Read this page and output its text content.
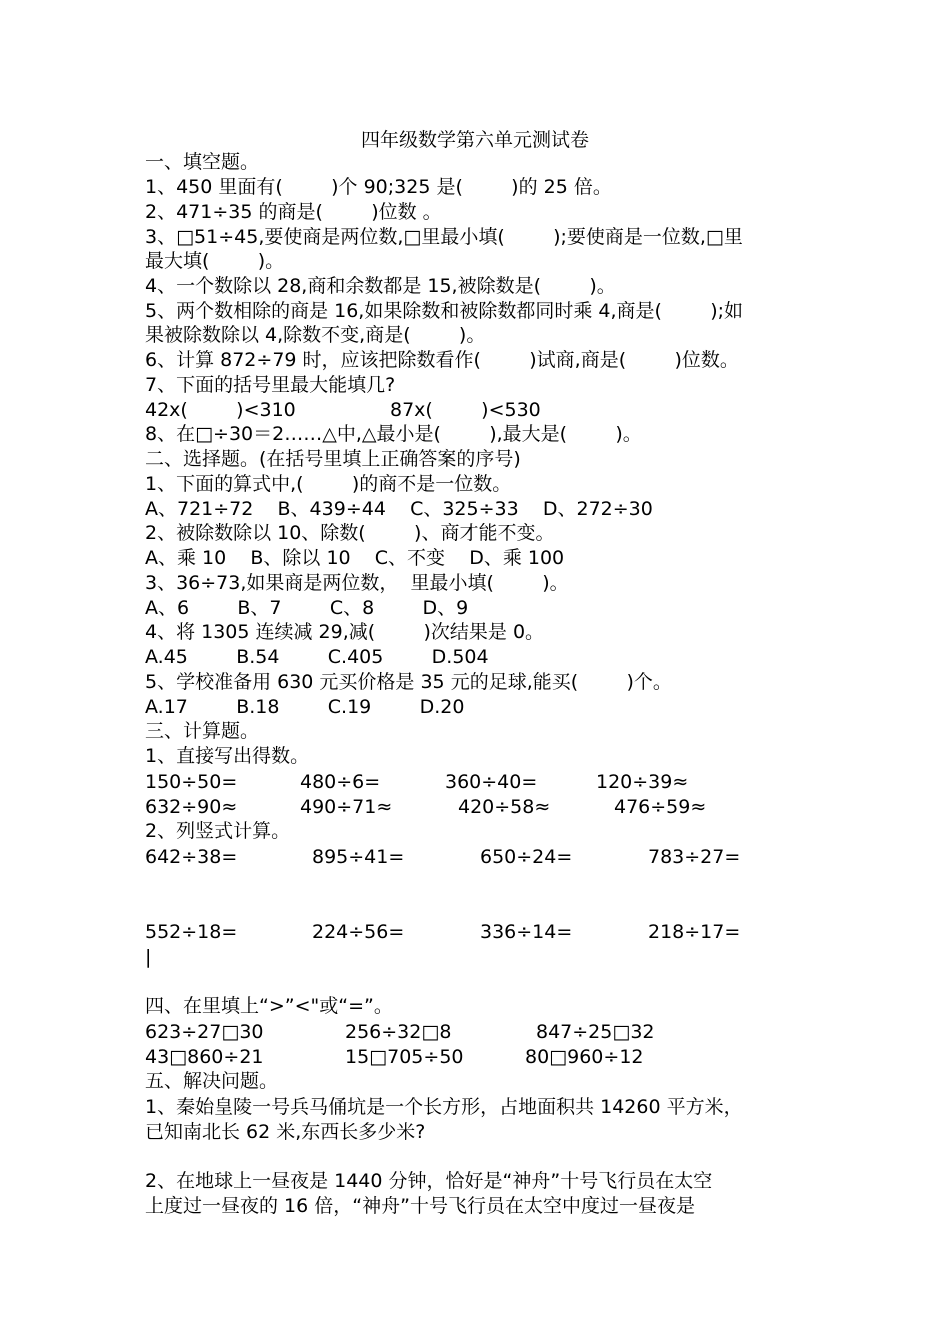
四年级数学第六单元测试卷
一、填空题。
1、450 里面有(        )个 90;325 是(        )的 25 倍。
2、471÷35 的商是(        )位数 。
3、□51÷45,要使商是两位数,□里最小填(        );要使商是一位数,□里
最大填(        )。
4、一个数除以 28,商和余数都是 15,被除数是(        )。
5、两个数相除的商是 16,如果除数和被除数都同时乘 4,商是(        );如
果被除数除以 4,除数不变,商是(        )。
6、计算 872÷79 时，应该把除数看作(        )试商,商是(        )位数。
7、下面的括号里最大能填几?
42x(        )<310	87x(        )<530
8、在□÷30＝2……△中,△最小是(        ),最大是(        )。
二、选择题。(在括号里填上正确答案的序号)
1、下面的算式中,(        )的商不是一位数。
A、721÷72    B、439÷44    C、325÷33    D、272÷30
2、被除数除以 10、除数(        )、商才能不变。
A、乘 10    B、除以 10    C、不变    D、乘 100
3、36÷73,如果商是两位数，  里最小填(        )。
A、6        B、7        C、8        D、9
4、将 1305 连续减 29,减(        )次结果是 0。
A.45        B.54        C.405        D.504
5、学校准备用 630 元买价格是 35 元的足球,能买(        )个。
A.17        B.18        C.19        D.20
三、计算题。
1、直接写出得数。
150÷50=	480÷6=	360÷40=	120÷39≈
632÷90≈	490÷71≈	420÷58≈	476÷59≈
2、列竖式计算。
642÷38=	895÷41=	650÷24=	783÷27=
552÷18=	224÷56=	336÷14=	218÷17=
|
四、在里填上“>”<"或“=”。
623÷27□30	256÷32□8	847÷25□32
43□860÷21	15□705÷50	80□960÷12
五、解决问题。
1、秦始皇陵一号兵马俑坑是一个长方形，占地面积共 14260 平方米，
已知南北长 62 米,东西长多少米?
2、在地球上一昼夜是 1440 分钟，恰好是“神舟”十号飞行员在太空
上度过一昼夜的 16 倍，“神舟”十号飞行员在太空中度过一昼夜是
